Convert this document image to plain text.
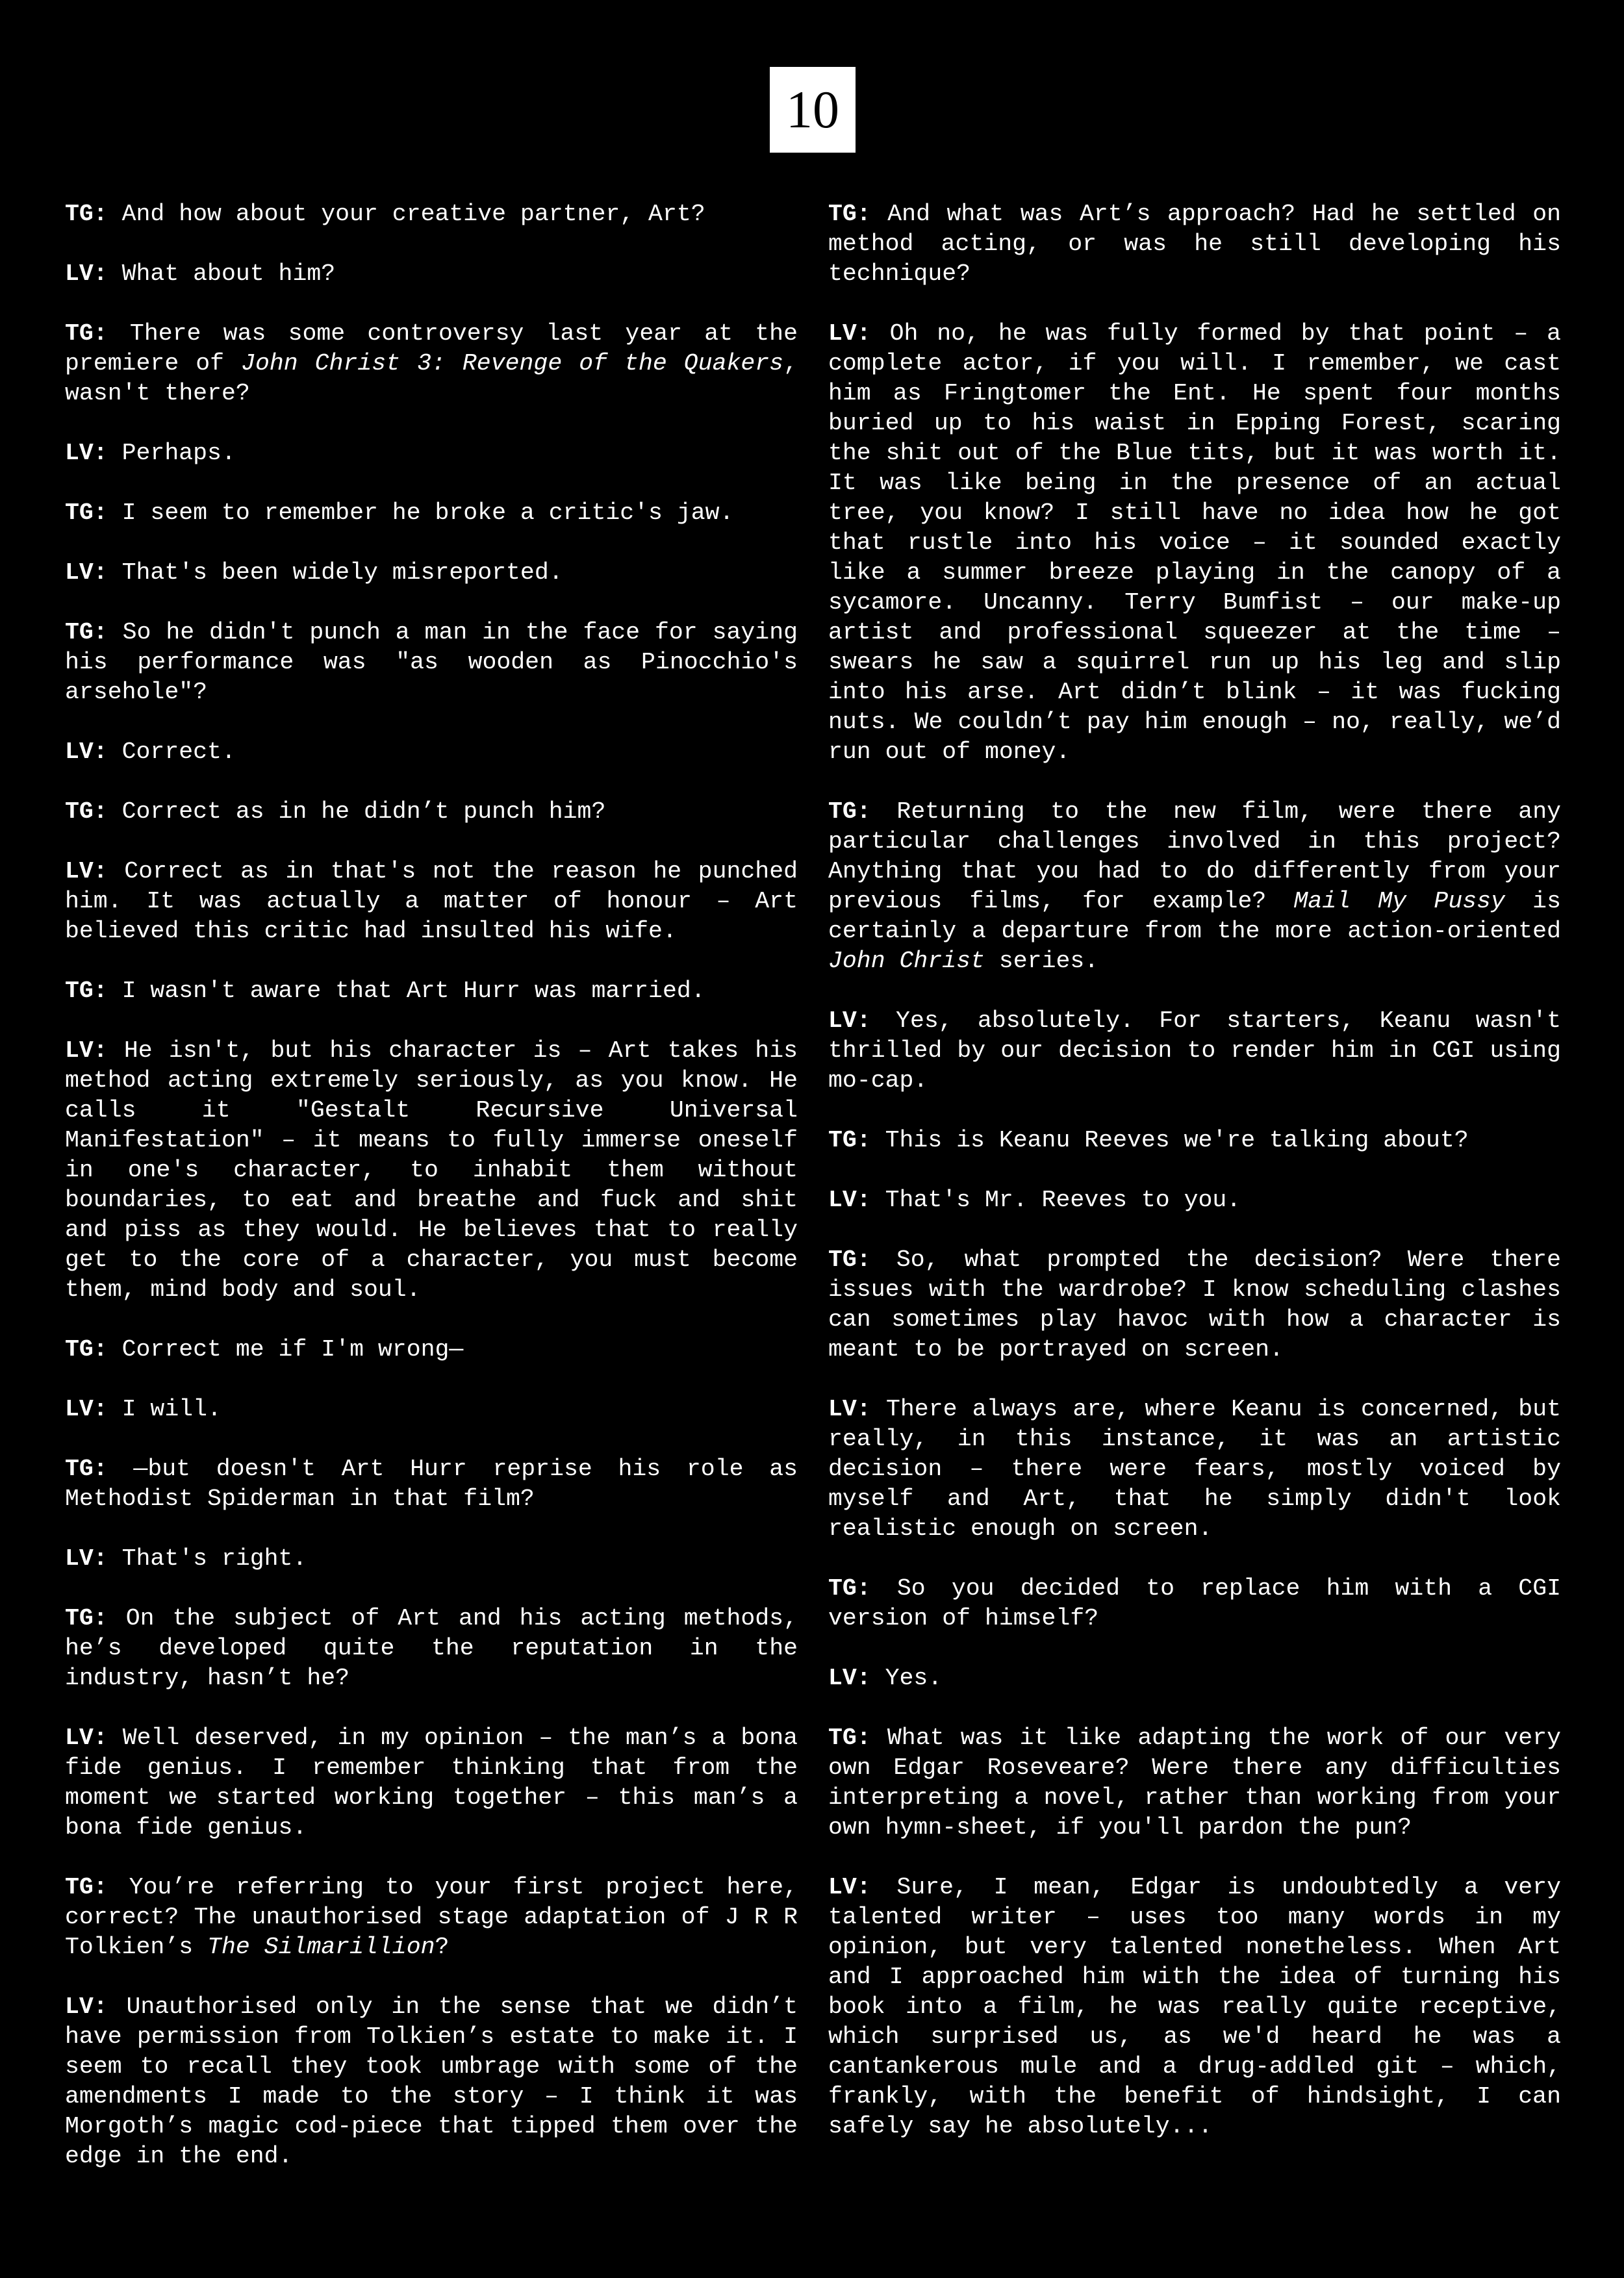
10

TG: And how about your creative partner, Art?

LV: What about him?

TG: There was some controversy last year at the premiere of John Christ 3: Revenge of the Quakers, wasn't there?

LV: Perhaps.

TG: I seem to remember he broke a critic's jaw.

LV: That's been widely misreported.

TG: So he didn't punch a man in the face for saying his performance was "as wooden as Pinocchio's arsehole"?

LV: Correct.

TG: Correct as in he didn’t punch him?

LV: Correct as in that's not the reason he punched him. It was actually a matter of honour – Art believed this critic had insulted his wife.

TG: I wasn't aware that Art Hurr was married.

LV: He isn't, but his character is – Art takes his method acting extremely seriously, as you know. He calls it "Gestalt Recursive Universal Manifestation" – it means to fully immerse oneself in one's character, to inhabit them without boundaries, to eat and breathe and fuck and shit and piss as they would. He believes that to really get to the core of a character, you must become them, mind body and soul.

TG: Correct me if I'm wrong—

LV: I will.

TG: —but doesn't Art Hurr reprise his role as Methodist Spiderman in that film?

LV: That's right.

TG: On the subject of Art and his acting methods, he’s developed quite the reputation in the industry, hasn’t he?

LV: Well deserved, in my opinion – the man’s a bona fide genius. I remember thinking that from the moment we started working together – this man’s a bona fide genius.

TG: You’re referring to your first project here, correct? The unauthorised stage adaptation of J R R Tolkien’s The Silmarillion?

LV: Unauthorised only in the sense that we didn’t have permission from Tolkien’s estate to make it. I seem to recall they took umbrage with some of the amendments I made to the story – I think it was Morgoth’s magic cod-piece that tipped them over the edge in the end.

TG: And what was Art’s approach? Had he settled on method acting, or was he still developing his technique?

LV: Oh no, he was fully formed by that point – a complete actor, if you will. I remember, we cast him as Fringtomer the Ent. He spent four months buried up to his waist in Epping Forest, scaring the shit out of the Blue tits, but it was worth it. It was like being in the presence of an actual tree, you know? I still have no idea how he got that rustle into his voice – it sounded exactly like a summer breeze playing in the canopy of a sycamore. Uncanny. Terry Bumfist – our make-up artist and professional squeezer at the time – swears he saw a squirrel run up his leg and slip into his arse. Art didn’t blink – it was fucking nuts. We couldn’t pay him enough – no, really, we’d run out of money.

TG: Returning to the new film, were there any particular challenges involved in this project? Anything that you had to do differently from your previous films, for example? Mail My Pussy is certainly a departure from the more action-oriented John Christ series.

LV: Yes, absolutely. For starters, Keanu wasn't thrilled by our decision to render him in CGI using mo-cap.

TG: This is Keanu Reeves we're talking about?

LV: That's Mr. Reeves to you.

TG: So, what prompted the decision? Were there issues with the wardrobe? I know scheduling clashes can sometimes play havoc with how a character is meant to be portrayed on screen.

LV: There always are, where Keanu is concerned, but really, in this instance, it was an artistic decision – there were fears, mostly voiced by myself and Art, that he simply didn't look realistic enough on screen.

TG: So you decided to replace him with a CGI version of himself?

LV: Yes.

TG: What was it like adapting the work of our very own Edgar Roseveare? Were there any difficulties interpreting a novel, rather than working from your own hymn-sheet, if you'll pardon the pun?

LV: Sure, I mean, Edgar is undoubtedly a very talented writer – uses too many words in my opinion, but very talented nonetheless. When Art and I approached him with the idea of turning his book into a film, he was really quite receptive, which surprised us, as we'd heard he was a cantankerous mule and a drug-addled git – which, frankly, with the benefit of hindsight, I can safely say he absolutely...
